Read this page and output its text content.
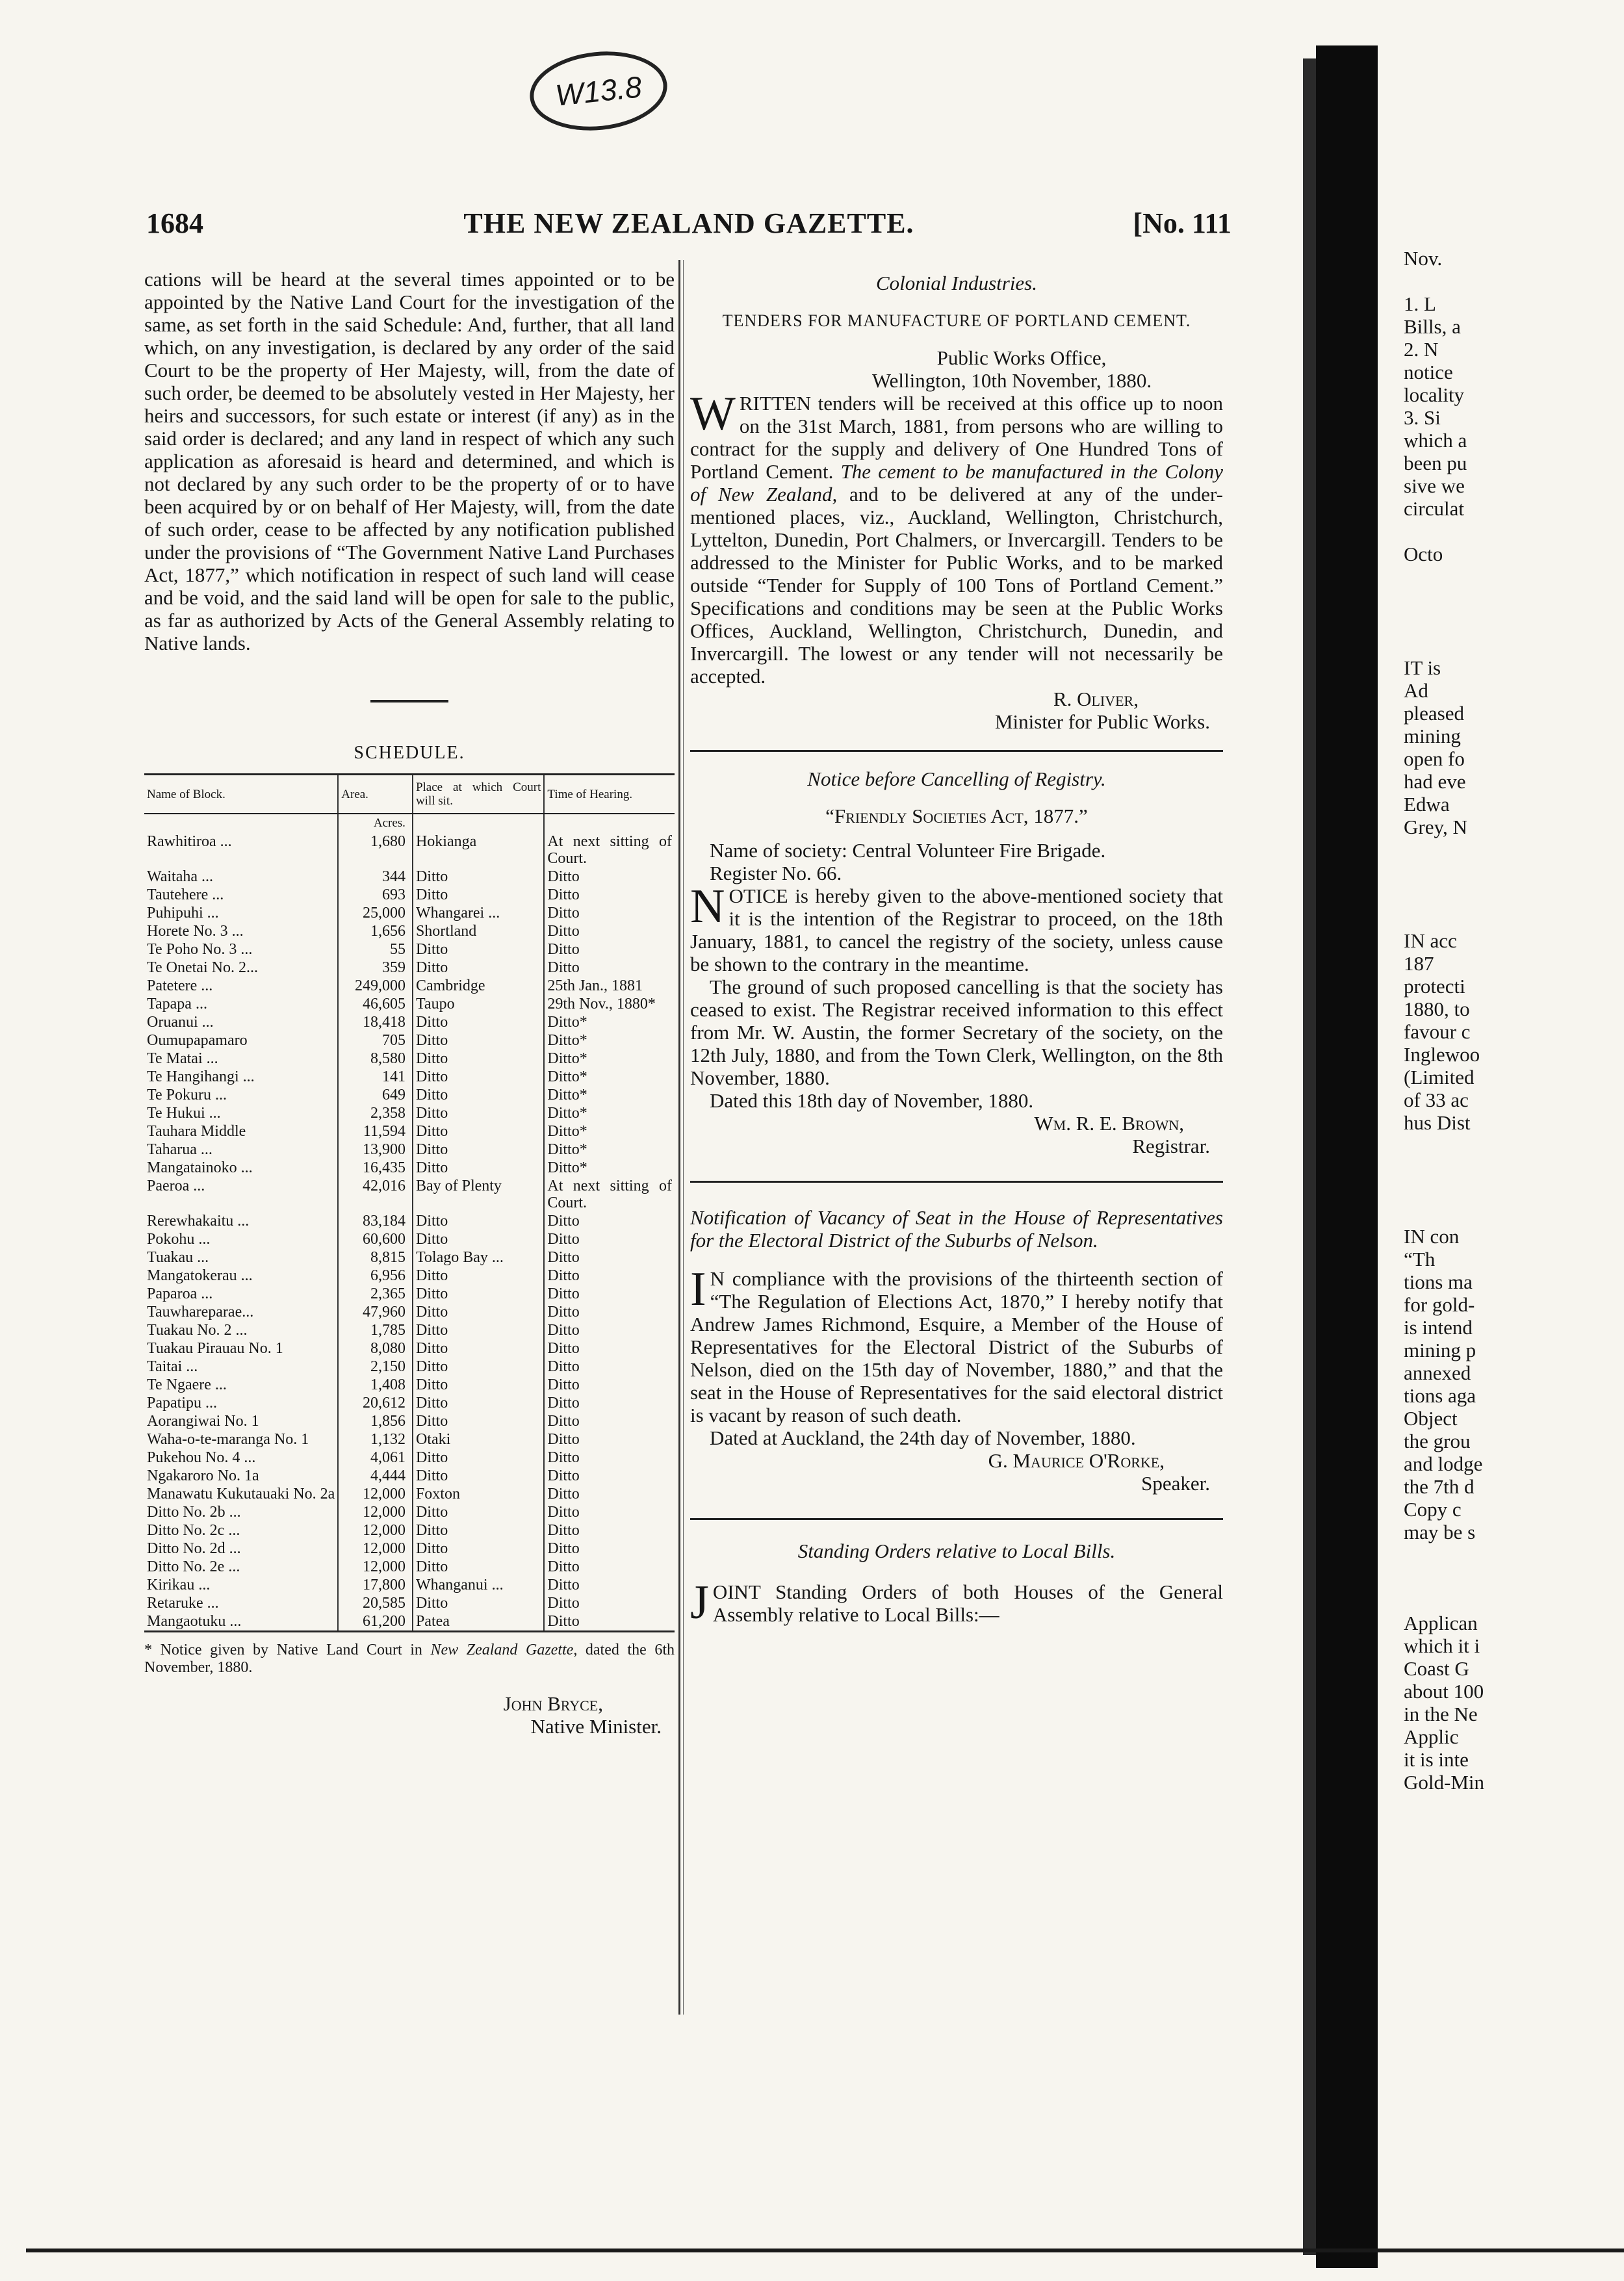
W13.8
1684	THE NEW ZEALAND GAZETTE.	[No. 111

cations will be heard at the several times appointed or to be appointed by the Native Land Court for the investigation of the same, as set forth in the said Schedule: And, further, that all land which, on any investigation, is declared by any order of the said Court to be the property of Her Majesty, will, from the date of such order, be deemed to be absolutely vested in Her Majesty, her heirs and successors, for such estate or interest (if any) as in the said order is declared; and any land in respect of which any such application as aforesaid is heard and determined, and which is not declared by any such order to be the property of or to have been acquired by or on behalf of Her Majesty, will, from the date of such order, cease to be affected by any notification published under the provisions of “The Government Native Land Purchases Act, 1877,” which notification in respect of such land will cease and be void, and the said land will be open for sale to the public, as far as authorized by Acts of the General Assembly relating to Native lands.

SCHEDULE.
Name of Block.	Area.	Place at which Court will sit.	Time of Hearing.
	Acres.		
Rawhitiroa ...	1,680	Hokianga	At next sitting of Court.
Waitaha ...	344	Ditto	Ditto
Tautehere ...	693	Ditto	Ditto
Puhipuhi ...	25,000	Whangarei ...	Ditto
Horete No. 3 ...	1,656	Shortland	Ditto
Te Poho No. 3 ...	55	Ditto	Ditto
Te Onetai No. 2...	359	Ditto	Ditto
Patetere ...	249,000	Cambridge	25th Jan., 1881
Tapapa ...	46,605	Taupo	29th Nov., 1880*
Oruanui ...	18,418	Ditto	Ditto*
Oumupapamaro	705	Ditto	Ditto*
Te Matai ...	8,580	Ditto	Ditto*
Te Hangihangi ...	141	Ditto	Ditto*
Te Pokuru ...	649	Ditto	Ditto*
Te Hukui ...	2,358	Ditto	Ditto*
Tauhara Middle	11,594	Ditto	Ditto*
Taharua ...	13,900	Ditto	Ditto*
Mangatainoko ...	16,435	Ditto	Ditto*
Paeroa ...	42,016	Bay of Plenty	At next sitting of Court.
Rerewhakaitu ...	83,184	Ditto	Ditto
Pokohu ...	60,600	Ditto	Ditto
Tuakau ...	8,815	Tolago Bay ...	Ditto
Mangatokerau ...	6,956	Ditto	Ditto
Paparoa ...	2,365	Ditto	Ditto
Tauwhareparae...	47,960	Ditto	Ditto
Tuakau No. 2 ...	1,785	Ditto	Ditto
Tuakau Pirauau No. 1	8,080	Ditto	Ditto
Taitai ...	2,150	Ditto	Ditto
Te Ngaere ...	1,408	Ditto	Ditto
Papatipu ...	20,612	Ditto	Ditto
Aorangiwai No. 1	1,856	Ditto	Ditto
Waha-o-te-maranga No. 1	1,132	Otaki	Ditto
Pukehou No. 4 ...	4,061	Ditto	Ditto
Ngakaroro No. 1a	4,444	Ditto	Ditto
Manawatu Kukutauaki No. 2a	12,000	Foxton	Ditto
Ditto No. 2b ...	12,000	Ditto	Ditto
Ditto No. 2c ...	12,000	Ditto	Ditto
Ditto No. 2d ...	12,000	Ditto	Ditto
Ditto No. 2e ...	12,000	Ditto	Ditto
Kirikau ...	17,800	Whanganui ...	Ditto
Retaruke ...	20,585	Ditto	Ditto
Mangaotuku ...	61,200	Patea	Ditto
* Notice given by Native Land Court in New Zealand Gazette, dated the 6th November, 1880.

John Bryce,

Native Minister.

Colonial Industries.

TENDERS FOR MANUFACTURE OF PORTLAND CEMENT.

Public Works Office,

Wellington, 10th November, 1880.

WRITTEN tenders will be received at this office up to noon on the 31st March, 1881, from persons who are willing to contract for the supply and delivery of One Hundred Tons of Portland Cement. The cement to be manufactured in the Colony of New Zealand, and to be delivered at any of the under-mentioned places, viz., Auckland, Wellington, Christchurch, Lyttelton, Dunedin, Port Chalmers, or Invercargill. Tenders to be addressed to the Minister for Public Works, and to be marked outside “Tender for Supply of 100 Tons of Portland Cement.” Specifications and conditions may be seen at the Public Works Offices, Auckland, Wellington, Christchurch, Dunedin, and Invercargill. The lowest or any tender will not necessarily be accepted.

R. Oliver,

Minister for Public Works.

Notice before Cancelling of Registry.

“Friendly Societies Act, 1877.”

Name of society: Central Volunteer Fire Brigade.

Register No. 66.

NOTICE is hereby given to the above-mentioned society that it is the intention of the Registrar to proceed, on the 18th January, 1881, to cancel the registry of the society, unless cause be shown to the contrary in the meantime.

The ground of such proposed cancelling is that the society has ceased to exist. The Registrar received information to this effect from Mr. W. Austin, the former Secretary of the society, on the 12th July, 1880, and from the Town Clerk, Wellington, on the 8th November, 1880.

Dated this 18th day of November, 1880.

Wm. R. E. Brown,

Registrar.

Notification of Vacancy of Seat in the House of Representatives for the Electoral District of the Suburbs of Nelson.

I N compliance with the provisions of the thirteenth section of “The Regulation of Elections Act, 1870,” I hereby notify that Andrew James Richmond, Esquire, a Member of the House of Representatives for the Electoral District of the Suburbs of Nelson, died on the 15th day of November, 1880,” and that the seat in the House of Representatives for the said electoral district is vacant by reason of such death.

Dated at Auckland, the 24th day of November, 1880.

G. Maurice O'Rorke,

Speaker.

Standing Orders relative to Local Bills.

JOINT Standing Orders of both Houses of the General Assembly relative to Local Bills:—

Nov.

1. L

Bills, a

2. N

notice

locality

3. Si

which a

been pu

sive we

circulat

Octo

IT is

Ad

pleased

mining

open fo

had eve

Edwa

Grey, N

IN acc

187

protecti

1880, to

favour c

Inglewoo

(Limited

of 33 ac

hus Dist

IN con

“Th

tions ma

for gold-

is intend

mining p

annexed

tions aga

Object

the grou

and lodge

the 7th d

Copy c

may be s

Applican

which it i

Coast G

about 100

in the Ne

Applic

it is inte

Gold-Min
